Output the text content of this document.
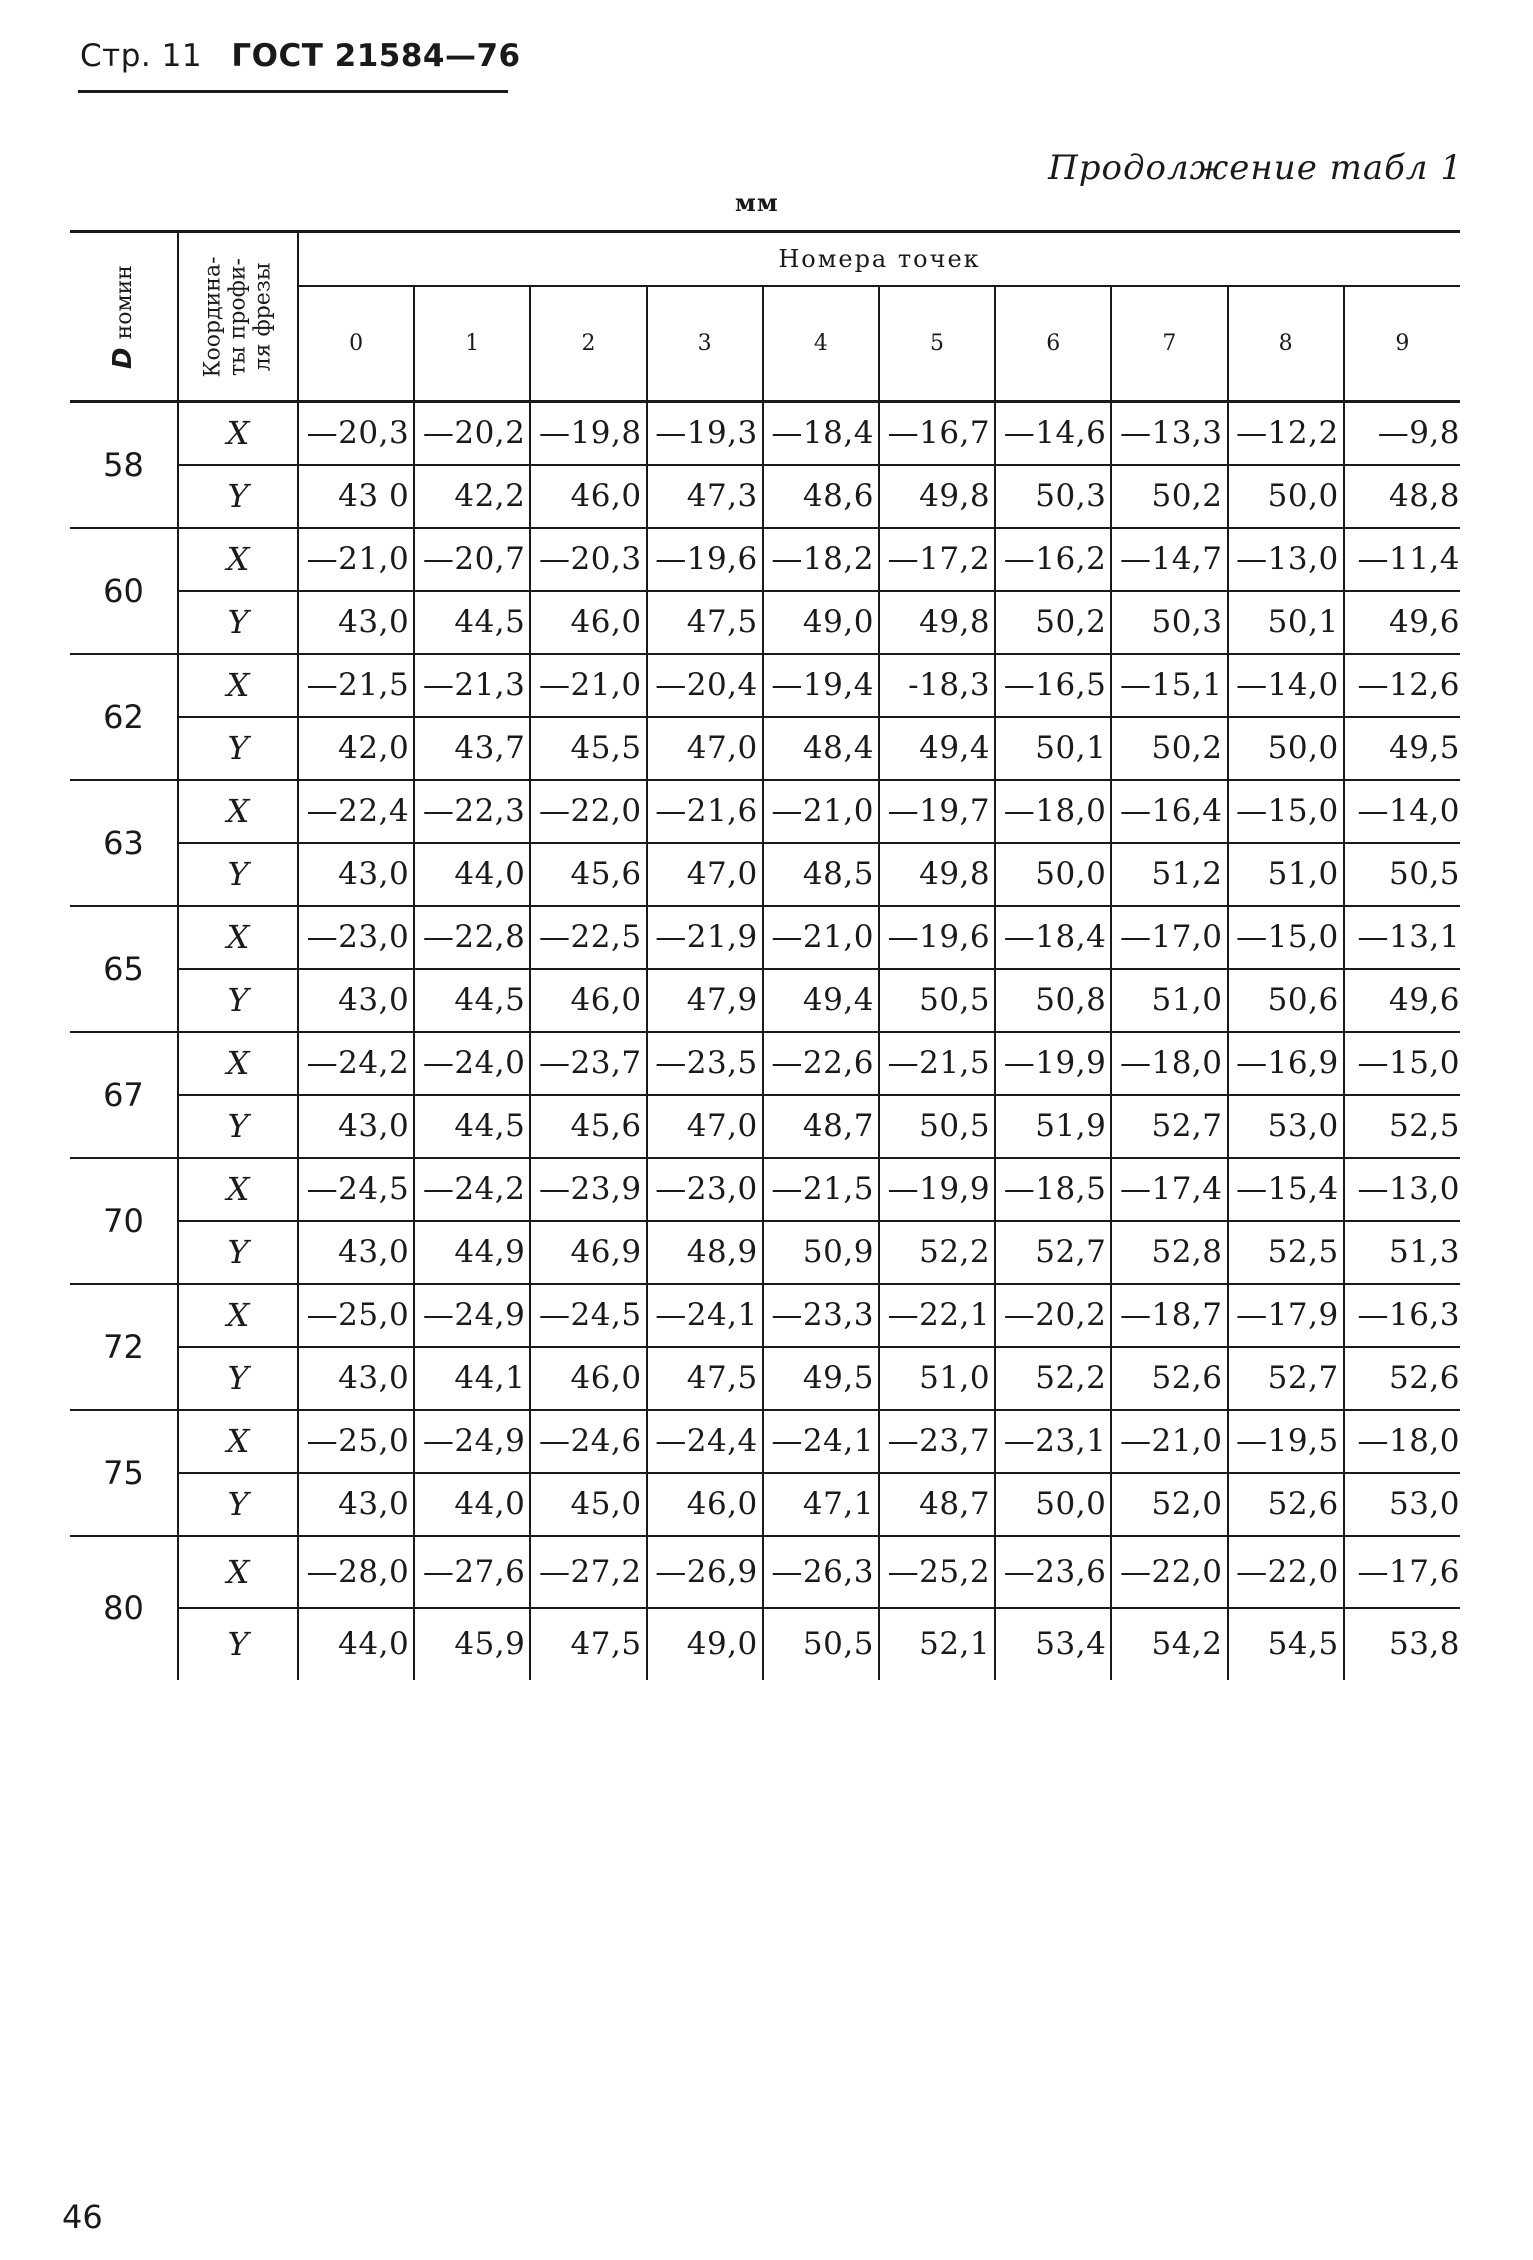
Стр. 11 ГОСТ 21584—76
Продолжение табл 1
мм
Dномин	Координа- ты профи- ля фрезы	Номера точек									
		0	1	2	3	4	5	6	7	8	9
58	X	—20,3	—20,2	—19,8	—19,3	—18,4	—16,7	—14,6	—13,3	—12,2	—9,8
	Y	43 0	42,2	46,0	47,3	48,6	49,8	50,3	50,2	50,0	48,8
60	X	—21,0	—20,7	—20,3	—19,6	—18,2	—17,2	—16,2	—14,7	—13,0	—11,4
	Y	43,0	44,5	46,0	47,5	49,0	49,8	50,2	50,3	50,1	49,6
62	X	—21,5	—21,3	—21,0	—20,4	—19,4	-18,3	—16,5	—15,1	—14,0	—12,6
	Y	42,0	43,7	45,5	47,0	48,4	49,4	50,1	50,2	50,0	49,5
63	X	—22,4	—22,3	—22,0	—21,6	—21,0	—19,7	—18,0	—16,4	—15,0	—14,0
	Y	43,0	44,0	45,6	47,0	48,5	49,8	50,0	51,2	51,0	50,5
65	X	—23,0	—22,8	—22,5	—21,9	—21,0	—19,6	—18,4	—17,0	—15,0	—13,1
	Y	43,0	44,5	46,0	47,9	49,4	50,5	50,8	51,0	50,6	49,6
67	X	—24,2	—24,0	—23,7	—23,5	—22,6	—21,5	—19,9	—18,0	—16,9	—15,0
	Y	43,0	44,5	45,6	47,0	48,7	50,5	51,9	52,7	53,0	52,5
70	X	—24,5	—24,2	—23,9	—23,0	—21,5	—19,9	—18,5	—17,4	—15,4	—13,0
	Y	43,0	44,9	46,9	48,9	50,9	52,2	52,7	52,8	52,5	51,3
72	X	—25,0	—24,9	—24,5	—24,1	—23,3	—22,1	—20,2	—18,7	—17,9	—16,3
	Y	43,0	44,1	46,0	47,5	49,5	51,0	52,2	52,6	52,7	52,6
75	X	—25,0	—24,9	—24,6	—24,4	—24,1	—23,7	—23,1	—21,0	—19,5	—18,0
	Y	43,0	44,0	45,0	46,0	47,1	48,7	50,0	52,0	52,6	53,0
80	X	—28,0	—27,6	—27,2	—26,9	—26,3	—25,2	—23,6	—22,0	—22,0	—17,6
	Y	44,0	45,9	47,5	49,0	50,5	52,1	53,4	54,2	54,5	53,8
46
